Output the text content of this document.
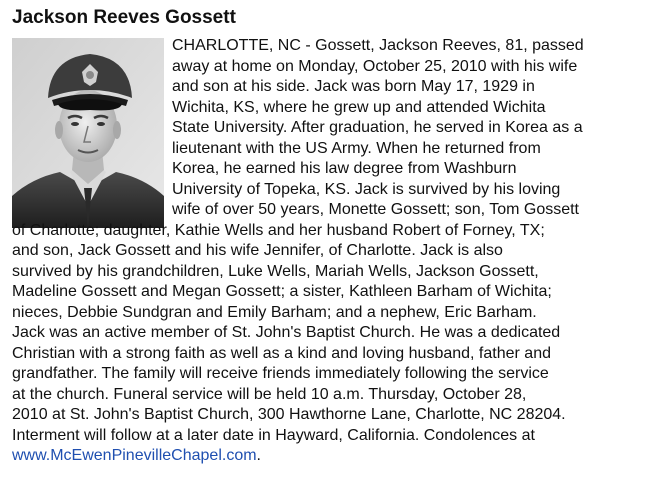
Jackson Reeves Gossett
CHARLOTTE, NC - Gossett, Jackson Reeves, 81, passed
away at home on Monday, October 25, 2010 with his wife
and son at his side. Jack was born May 17, 1929 in
Wichita, KS, where he grew up and attended Wichita
State University. After graduation, he served in Korea as a
lieutenant with the US Army. When he returned from
Korea, he earned his law degree from Washburn
University of Topeka, KS. Jack is survived by his loving
wife of over 50 years, Monette Gossett; son, Tom Gossett
of Charlotte; daughter, Kathie Wells and her husband Robert of Forney, TX;
and son, Jack Gossett and his wife Jennifer, of Charlotte. Jack is also
survived by his grandchildren, Luke Wells, Mariah Wells, Jackson Gossett,
Madeline Gossett and Megan Gossett; a sister, Kathleen Barham of Wichita;
nieces, Debbie Sundgran and Emily Barham; and a nephew, Eric Barham.
Jack was an active member of St. John's Baptist Church. He was a dedicated
Christian with a strong faith as well as a kind and loving husband, father and
grandfather. The family will receive friends immediately following the service
at the church. Funeral service will be held 10 a.m. Thursday, October 28,
2010 at St. John's Baptist Church, 300 Hawthorne Lane, Charlotte, NC 28204.
Interment will follow at a later date in Hayward, California. Condolences at
www.McEwenPinevilleChapel.com.
